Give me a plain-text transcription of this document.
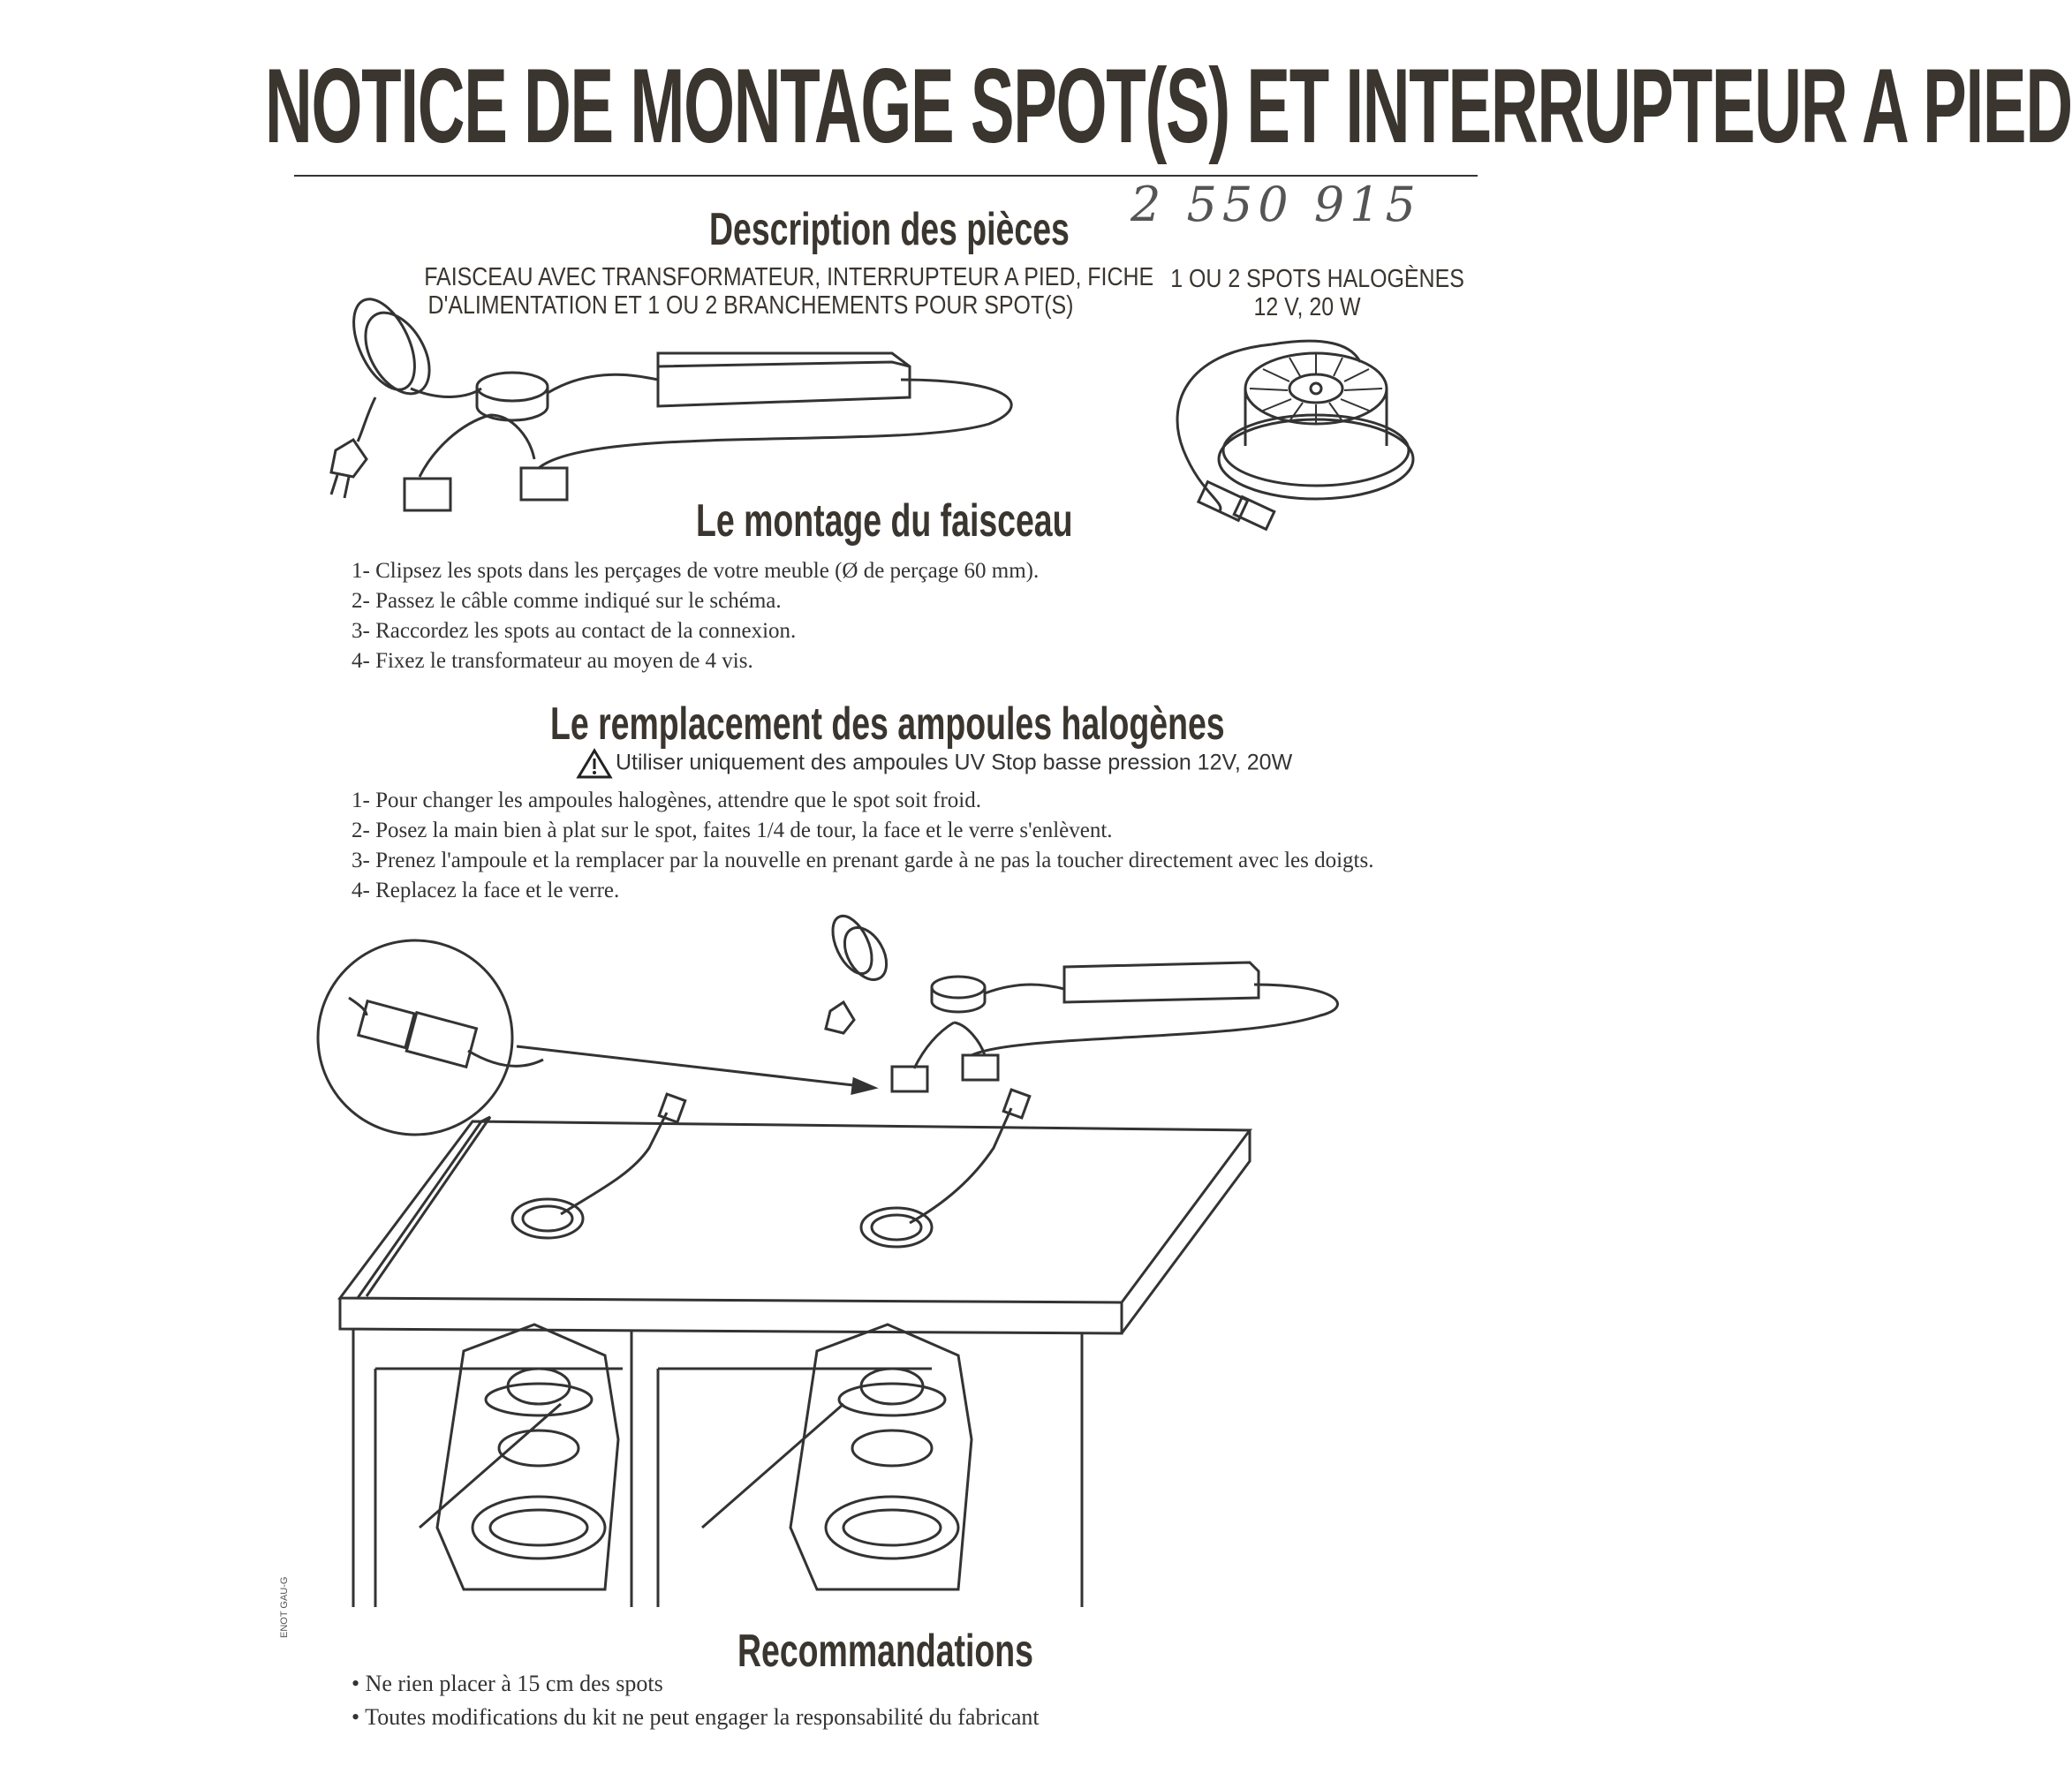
NOTICE DE MONTAGE SPOT(S) ET INTERRUPTEUR A PIED
2 550 915
Description des pièces
FAISCEAU AVEC TRANSFORMATEUR, INTERRUPTEUR A PIED, FICHE
D'ALIMENTATION ET 1 OU 2 BRANCHEMENTS POUR SPOT(S)
1 OU 2 SPOTS HALOGÈNES
12 V, 20 W
Le montage du faisceau
1- Clipsez les spots dans les perçages de votre meuble (Ø de perçage 60 mm).
2- Passez le câble comme indiqué sur le schéma.
3- Raccordez les spots au contact de la connexion.
4- Fixez le transformateur au moyen de 4 vis.
Le remplacement des ampoules halogènes
Utiliser uniquement des ampoules UV Stop basse pression 12V, 20W
1- Pour changer les ampoules halogènes, attendre que le spot soit froid.
2- Posez la main bien à plat sur le spot, faites 1/4 de tour, la face et le verre s'enlèvent.
3- Prenez l'ampoule et la remplacer par la nouvelle en prenant garde à ne pas la toucher directement avec les doigts.
4- Replacez la face et le verre.
Recommandations
• Ne rien placer à 15 cm des spots
• Toutes modifications du kit ne peut engager la responsabilité du fabricant
ENOT GAU-G
